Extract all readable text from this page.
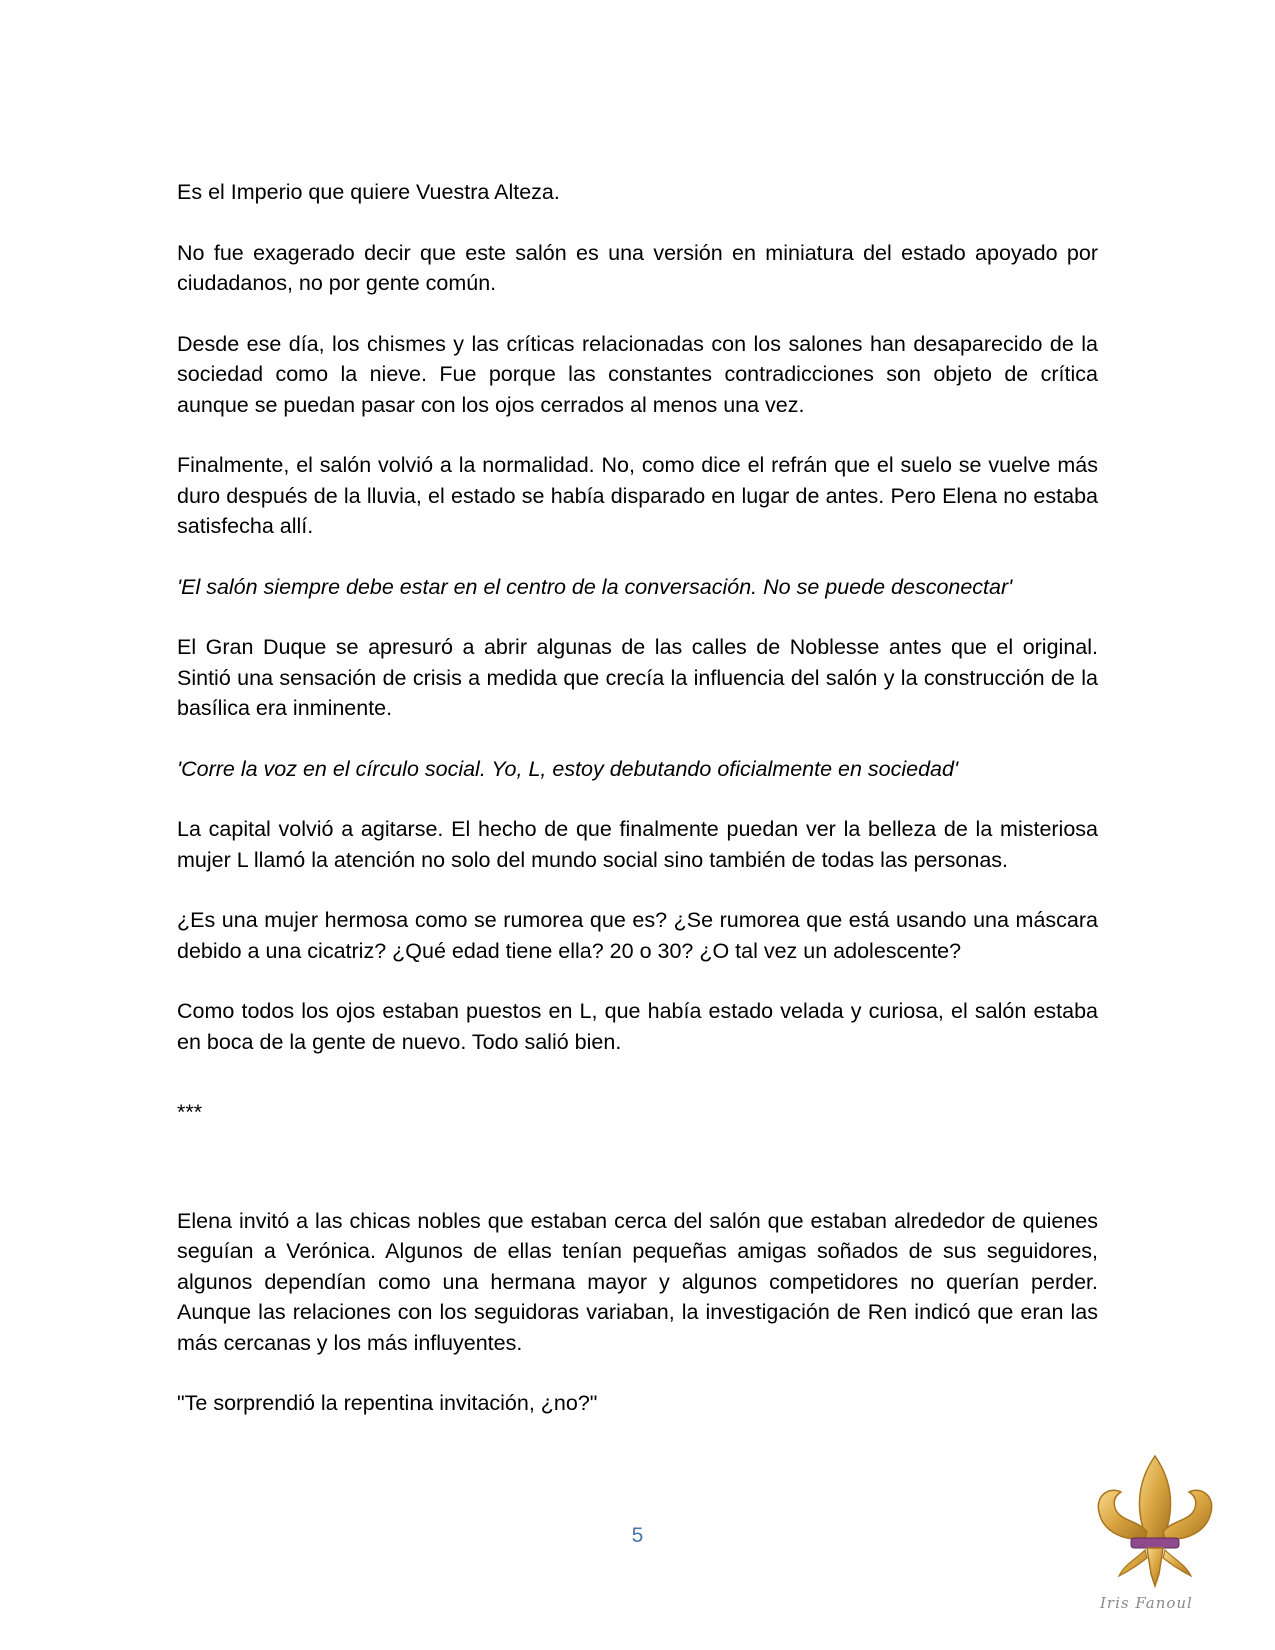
Es el Imperio que quiere Vuestra Alteza.

No fue exagerado decir que este salón es una versión en miniatura del estado apoyado por ciudadanos, no por gente común.

Desde ese día, los chismes y las críticas relacionadas con los salones han desaparecido de la sociedad como la nieve. Fue porque las constantes contradicciones son objeto de crítica aunque se puedan pasar con los ojos cerrados al menos una vez.

Finalmente, el salón volvió a la normalidad. No, como dice el refrán que el suelo se vuelve más duro después de la lluvia, el estado se había disparado en lugar de antes. Pero Elena no estaba satisfecha allí.

'El salón siempre debe estar en el centro de la conversación. No se puede desconectar'

El Gran Duque se apresuró a abrir algunas de las calles de Noblesse antes que el original. Sintió una sensación de crisis a medida que crecía la influencia del salón y la construcción de la basílica era inminente.

'Corre la voz en el círculo social. Yo, L, estoy debutando oficialmente en sociedad'

La capital volvió a agitarse. El hecho de que finalmente puedan ver la belleza de la misteriosa mujer L llamó la atención no solo del mundo social sino también de todas las personas.

¿Es una mujer hermosa como se rumorea que es? ¿Se rumorea que está usando una máscara debido a una cicatriz? ¿Qué edad tiene ella? 20 o 30? ¿O tal vez un adolescente?

Como todos los ojos estaban puestos en L, que había estado velada y curiosa, el salón estaba en boca de la gente de nuevo. Todo salió bien.

***

Elena invitó a las chicas nobles que estaban cerca del salón que estaban alrededor de quienes seguían a Verónica. Algunos de ellas tenían pequeñas amigas soñados de sus seguidores, algunos dependían como una hermana mayor y algunos competidores no querían perder. Aunque las relaciones con los seguidoras variaban, la investigación de Ren indicó que eran las más cercanas y los más influyentes.

"Te sorprendió la repentina invitación, ¿no?"

5
Iris Fanoul
